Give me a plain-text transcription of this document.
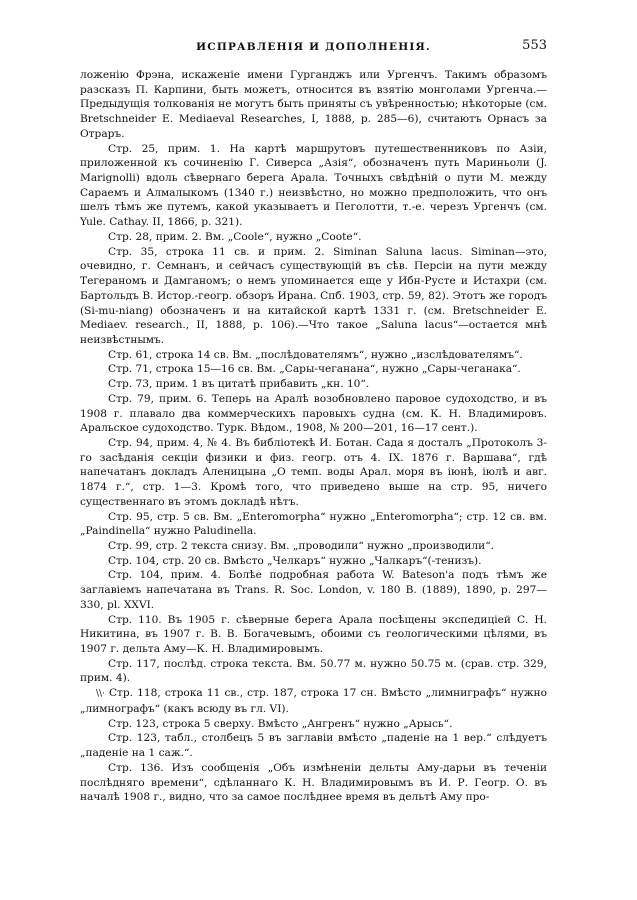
ИСПРАВЛЕНІЯ И ДОПОЛНЕНІЯ.	553

ложенію Фрэна, искаженіе имени Гурганджъ или Ургенчъ. Такимъ образомъ разсказъ П. Карпини, быть можетъ, относится въ взятію монголами Ургенча.— Предыдущія толкованія не могутъ быть приняты съ увѣренностью; нѣкоторые (см. Bretschneider E. Mediaeval Researches, I, 1888, p. 285—6), считаютъ Орнасъ за Отраръ.

Стр. 25, прим. 1. На картѣ маршрутовъ путешественниковъ по Азіи, приложенной къ сочиненію Г. Сиверса „Азія“, обозначенъ путь Мариньоли (J. Marignolli) вдоль сѣвернаго берега Арала. Точныхъ свѣдѣній о пути М. между Сараемъ и Алмалыкомъ (1340 г.) неизвѣстно, но можно предположить, что онъ шелъ тѣмъ же путемъ, какой указываетъ и Пеголотти, т.-е. черезъ Ургенчъ (см. Yule. Cathay. II, 1866, p. 321).

Стр. 28, прим. 2. Вм. „Coole“, нужно „Coote“.

Стр. 35, строка 11 св. и прим. 2. Siminan Saluna lacus. Siminan—это, очевидно, г. Семнанъ, и сейчасъ существующій въ сѣв. Персіи на пути между Тегераномъ и Дамганомъ; о немъ упоминается еще у Ибн-Русте и Истахри (см. Бартольдъ В. Истор.-геогр. обзоръ Ирана. Спб. 1903, стр. 59, 82). Этотъ же городъ (Si-mu-niang) обозначенъ и на китайской картѣ 1331 г. (см. Bretschneider E. Mediaev. research., II, 1888, p. 106).—Что такое „Saluna lacus“—остается мнѣ неизвѣстнымъ.

Стр. 61, строка 14 св. Вм. „послѣдователямъ“, нужно „изслѣдователямъ“.

Стр. 71, строка 15—16 св. Вм. „Сары-чеганана“, нужно „Сары-чеганака“.

Стр. 73, прим. 1 въ цитатѣ прибавить „кн. 10“.

Стр. 79, прим. 6. Теперь на Аралѣ возобновлено паровое судоходство, и въ 1908 г. плавало два коммерческихъ паровыхъ судна (см. К. Н. Владимировъ. Аральское судоходство. Турк. Вѣдом., 1908, № 200—201, 16—17 сент.).

Стр. 94, прим. 4, № 4. Въ библіотекѣ И. Ботан. Сада я досталъ „Протоколъ 3-го засѣданія секціи физики и физ. геогр. отъ 4. IX. 1876 г. Варшава“, гдѣ напечатанъ докладъ Аленицына „О темп. воды Арал. моря въ іюнѣ, іюлѣ и авг. 1874 г.“, стр. 1—3. Кромѣ того, что приведено выше на стр. 95, ничего существеннаго въ этомъ докладѣ нѣтъ.

Стр. 95, стр. 5 св. Вм. „Enteromorpha“ нужно „Enteromorpha“; стр. 12 св. вм. „Paindinella“ нужно Paludinella.

Стр. 99, стр. 2 текста снизу. Вм. „проводили“ нужно „производили“.

Стр. 104, стр. 20 св. Вмѣсто „Челкаръ“ нужно „Чалкаръ“(-тенизъ).

Стр. 104, прим. 4. Болѣе подробная работа W. Bateson'a подъ тѣмъ же заглавіемъ напечатана въ Trans. R. Soc. London, v. 180 B. (1889), 1890, p. 297—330, pl. XXVI.

Стр. 110. Въ 1905 г. сѣверные берега Арала посѣщены экспедиціей С. Н. Никитина, въ 1907 г. В. В. Богачевымъ, обоими съ геологическими цѣлями, въ 1907 г. дельта Аму—К. Н. Владимировымъ.

Стр. 117, послѣд. строка текста. Вм. 50.77 м. нужно 50.75 м. (срав. стр. 329, прим. 4).

\\· Стр. 118, строка 11 св., стр. 187, строка 17 сн. Вмѣсто „лимниграфъ“ нужно „лимнографъ“ (какъ всюду въ гл. VI).

Стр. 123, строка 5 сверху. Вмѣсто „Ангренъ“ нужно „Арысь“.

Стр. 123, табл., столбецъ 5 въ заглавіи вмѣсто „паденіе на 1 вер.“ слѣдуетъ „паденіе на 1 саж.“.

Стр. 136. Изъ сообщенія „Объ измѣненіи дельты Аму-дарьи въ теченіи послѣдняго времени“, сдѣланнаго К. Н. Владимировымъ въ И. Р. Геогр. О. въ началѣ 1908 г., видно, что за самое послѣднее время въ дельтѣ Аму про-
